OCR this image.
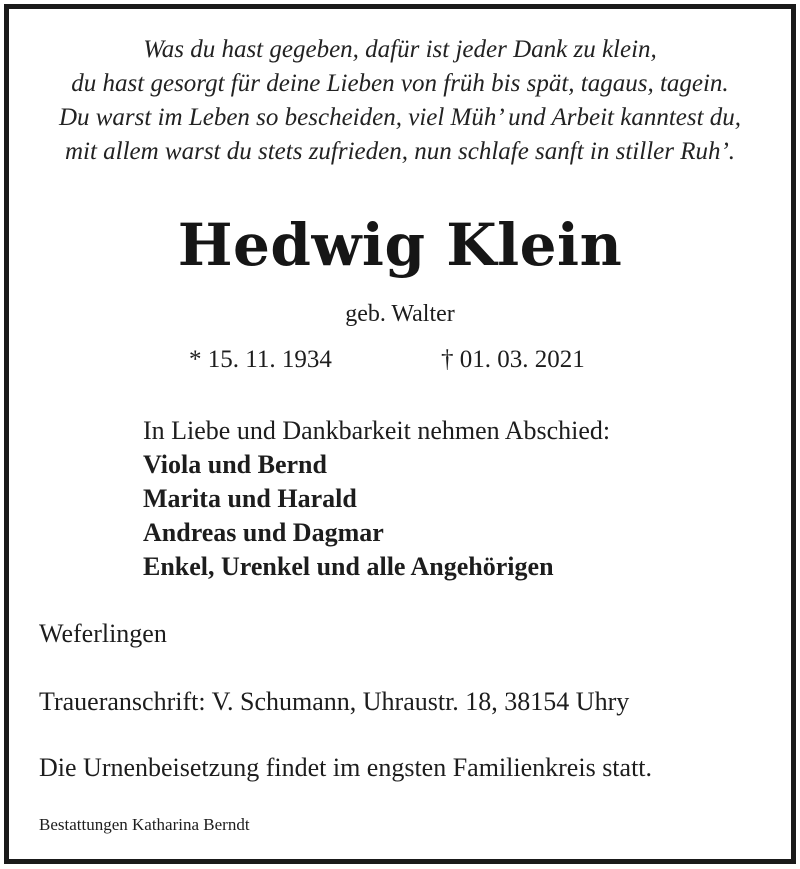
Was du hast gegeben, dafür ist jeder Dank zu klein,
du hast gesorgt für deine Lieben von früh bis spät, tagaus, tagein.
Du warst im Leben so bescheiden, viel Müh’ und Arbeit kanntest du,
mit allem warst du stets zufrieden, nun schlafe sanft in stiller Ruh’.
Hedwig Klein
geb. Walter
* 15. 11. 1934	† 01. 03. 2021
In Liebe und Dankbarkeit nehmen Abschied:
Viola und Bernd
Marita und Harald
Andreas und Dagmar
Enkel, Urenkel und alle Angehörigen
Weferlingen
Traueranschrift: V. Schumann, Uhraustr. 18, 38154 Uhry
Die Urnenbeisetzung findet im engsten Familienkreis statt.
Bestattungen Katharina Berndt
